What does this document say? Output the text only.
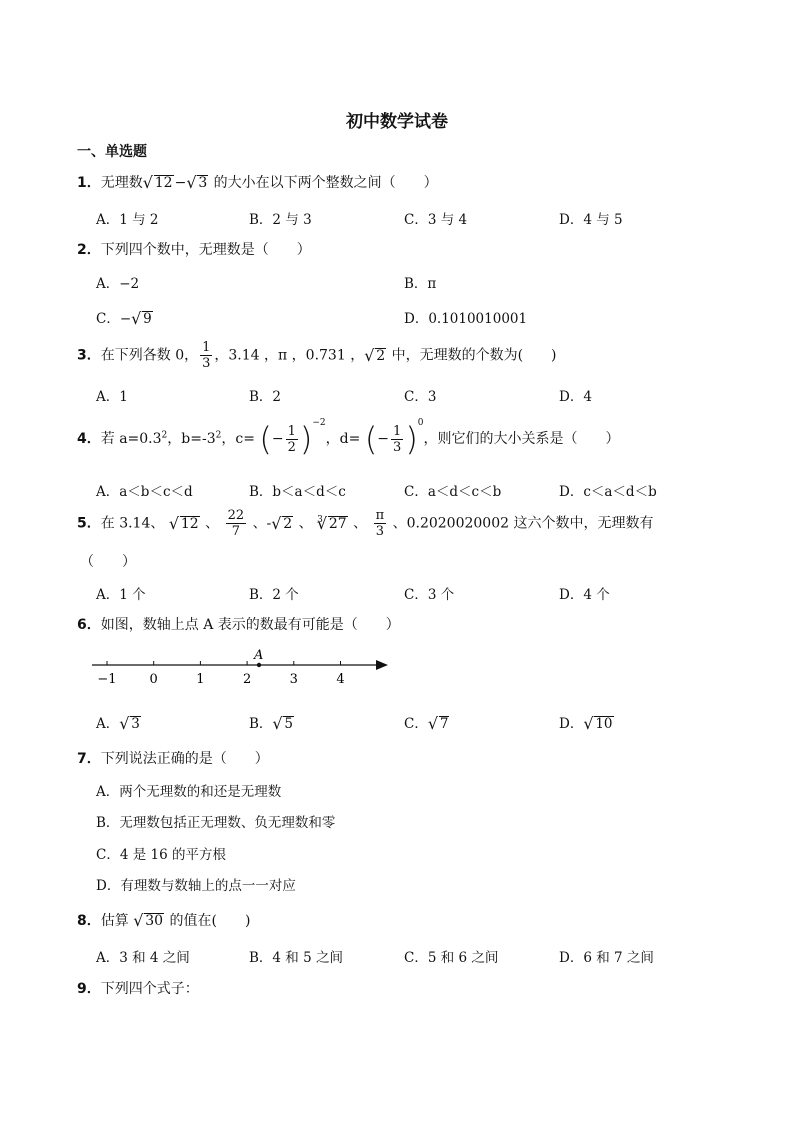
初中数学试卷
一、单选题
1．无理数 √ 12 − √ 3 的大小在以下两个整数之间（　　）
A．1 与 2	B．2 与 3	C．3 与 4	D．4 与 5
2．下列四个数中，无理数是（　　）
A．−2	B．π
C．− √ 9	D．0.1010010001
3．在下列各数 0， $\frac{1}{3}$ ，3.14 ，π ，0.731 ， √ 2 中，无理数的个数为(　　)
A．1	B．2	C．3	D．4
4．若 $a=0.3^2$，$b=-3^2$，c= (− $\frac{1}{2} )^{-2}$，d= (− $\frac{1}{3} )^0$，则它们的大小关系是（　　）
A．a＜b＜c＜d	B．b＜a＜d＜c	C．a＜d＜c＜b	D．c＜a＜d＜b
5．在 3.14、 √ 12 、 $\frac{22}{7}$ 、- √ 2 、 $^3$ √ 27 、 $\frac{\pi}{3}$ 、0.2020020002 这六个数中，无理数有
（　　）
A．1 个	B．2 个	C．3 个	D．4 个
6．如图，数轴上点 A 表示的数最有可能是（　　）
−1	0	1	2	3	4
A
A． √ 3	B． √ 5	C． √ 7	D． √ 10
7．下列说法正确的是（　　）
A．两个无理数的和还是无理数
B．无理数包括正无理数、负无理数和零
C．4 是 16 的平方根
D．有理数与数轴上的点一一对应
8．估算 √ 30 的值在(　　)
A．3 和 4 之间	B．4 和 5 之间	C．5 和 6 之间	D．6 和 7 之间
9．下列四个式子：
